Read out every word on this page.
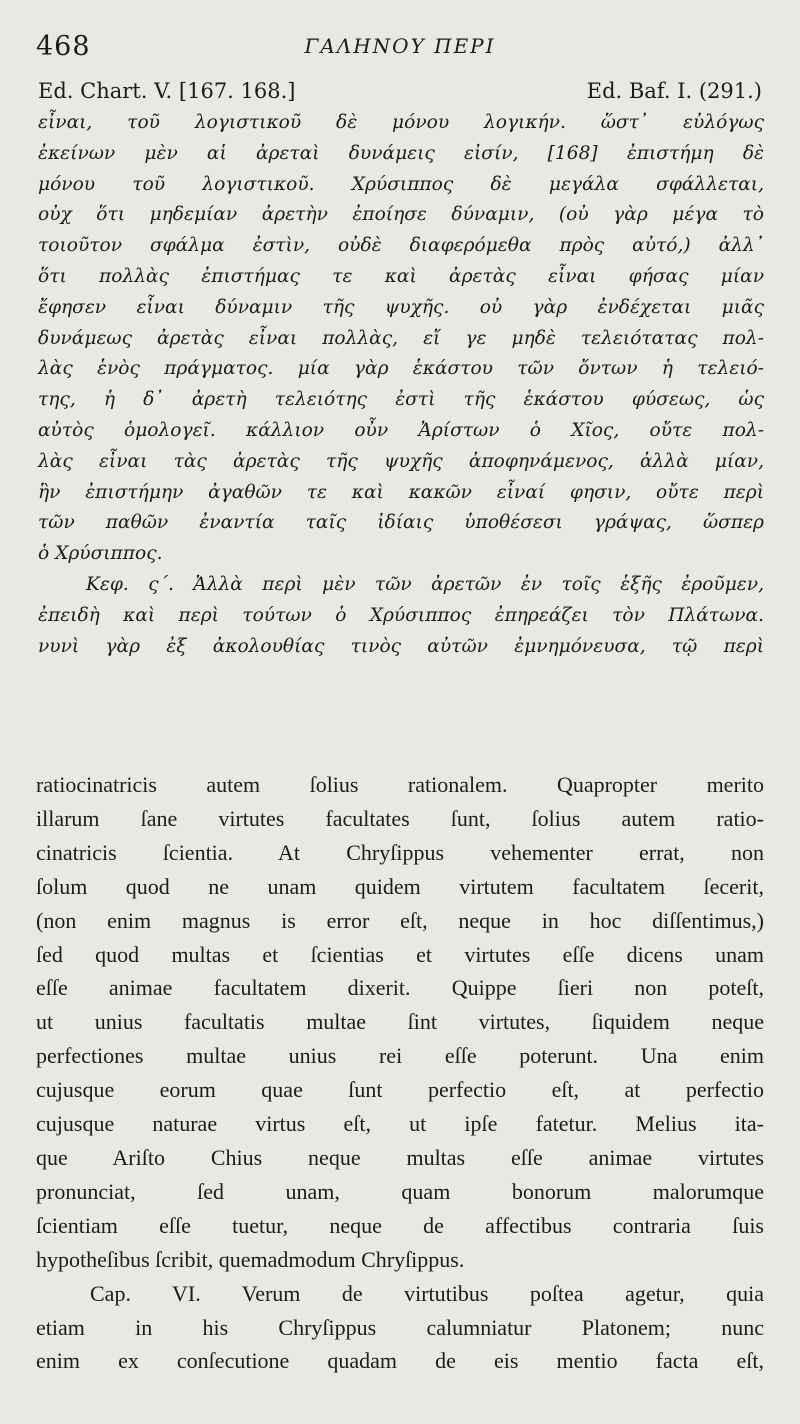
468	ΓΑΛΗΝΟΥ ΠΕΡΙ
Ed. Chart. V. [167. 168.]	Ed. Baf. I. (291.)
εἶναι, τοῦ λογιστικοῦ δὲ μόνου λογικήν. ὥστ᾽ εὐλόγως
ἐκείνων μὲν αἱ ἀρεταὶ δυνάμεις εἰσίν, [168] ἐπιστήμη δὲ
μόνου τοῦ λογιστικοῦ. Χρύσιππος δὲ μεγάλα σφάλλεται,
οὐχ ὅτι μηδεμίαν ἀρετὴν ἐποίησε δύναμιν, (οὐ γὰρ μέγα τὸ
τοιοῦτον σφάλμα ἐστὶν, οὐδὲ διαφερόμεθα πρὸς αὐτό,) ἀλλ᾽
ὅτι πολλὰς ἐπιστήμας τε καὶ ἀρετὰς εἶναι φήσας μίαν
ἔφησεν εἶναι δύναμιν τῆς ψυχῆς. οὐ γὰρ ἐνδέχεται μιᾶς
δυνάμεως ἀρετὰς εἶναι πολλὰς, εἴ γε μηδὲ τελειότατας πολ-
λὰς ἑνὸς πράγματος. μία γὰρ ἑκάστου τῶν ὄντων ἡ τελειό-
της, ἡ δ᾽ ἀρετὴ τελειότης ἐστὶ τῆς ἑκάστου φύσεως, ὡς
αὐτὸς ὁμολογεῖ. κάλλιον οὖν Ἀρίστων ὁ Χῖος, οὔτε πολ-
λὰς εἶναι τὰς ἀρετὰς τῆς ψυχῆς ἀποφηνάμενος, ἀλλὰ μίαν,
ἣν ἐπιστήμην ἀγαθῶν τε καὶ κακῶν εἶναί φησιν, οὔτε περὶ
τῶν παθῶν ἐναντία ταῖς ἰδίαις ὑποθέσεσι γράψας, ὥσπερ
ὁ Χρύσιππος.
Κεφ. ς΄. Ἀλλὰ περὶ μὲν τῶν ἀρετῶν ἐν τοῖς ἑξῆς ἐροῦμεν,
ἐπειδὴ καὶ περὶ τούτων ὁ Χρύσιππος ἐπηρεάζει τὸν Πλάτωνα.
νυνὶ γὰρ ἐξ ἀκολουθίας τινὸς αὐτῶν ἐμνημόνευσα, τῷ περὶ
ratiocinatricis autem ſolius rationalem. Quapropter merito
illarum ſane virtutes facultates ſunt, ſolius autem ratio-
cinatricis ſcientia. At Chryſippus vehementer errat, non
ſolum quod ne unam quidem virtutem facultatem ſecerit,
(non enim magnus is error eſt, neque in hoc diſſentimus,)
ſed quod multas et ſcientias et virtutes eſſe dicens unam
eſſe animae facultatem dixerit. Quippe ſieri non poteſt,
ut unius facultatis multae ſint virtutes, ſiquidem neque
perfectiones multae unius rei eſſe poterunt. Una enim
cujusque eorum quae ſunt perfectio eſt, at perfectio
cujusque naturae virtus eſt, ut ipſe fatetur. Melius ita-
que Ariſto Chius neque multas eſſe animae virtutes
pronunciat, ſed unam, quam bonorum malorumque
ſcientiam eſſe tuetur, neque de affectibus contraria ſuis
hypotheſibus ſcribit, quemadmodum Chryſippus.
Cap. VI. Verum de virtutibus poſtea agetur, quia
etiam in his Chryſippus calumniatur Platonem; nunc
enim ex conſecutione quadam de eis mentio facta eſt,
